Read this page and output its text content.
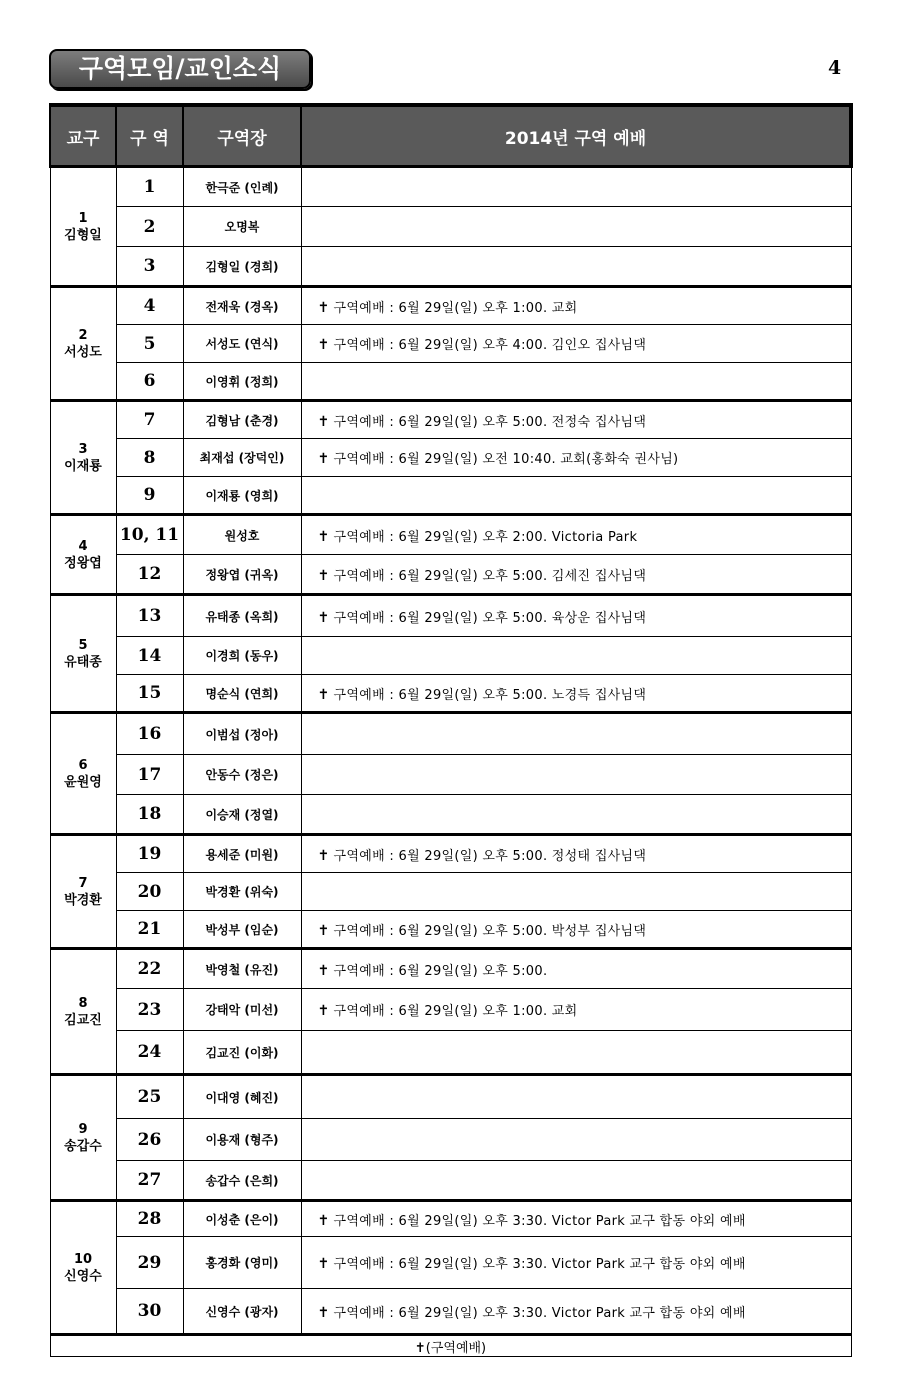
구역모임/교인소식	4
교구	구 역	구역장	2014년 구역 예배

1
김형일	1	한극준 (인례)	
	2	오명복	
	3	김형일 (경희)	

2
서성도	4	전재욱 (경옥)	✝ 구역예배 : 6월 29일(일) 오후 1:00. 교회
	5	서성도 (연식)	✝ 구역예배 : 6월 29일(일) 오후 4:00. 김인오 집사님댁
	6	이영휘 (정희)	

3
이재룡	7	김형남 (춘경)	✝ 구역예배 : 6월 29일(일) 오후 5:00. 전정숙 집사님댁
	8	최재섭 (장덕인)	✝ 구역예배 : 6월 29일(일) 오전 10:40. 교회(홍화숙 권사님)
	9	이재룡 (영희)	

4
정왕엽	10, 11	원성호	✝ 구역예배 : 6월 29일(일) 오후 2:00. Victoria Park
	12	정왕엽 (귀옥)	✝ 구역예배 : 6월 29일(일) 오후 5:00. 김세진 집사님댁

5
유태종	13	유태종 (옥희)	✝ 구역예배 : 6월 29일(일) 오후 5:00. 육상운 집사님댁
	14	이경희 (동우)	
	15	명순식 (연희)	✝ 구역예배 : 6월 29일(일) 오후 5:00. 노경득 집사님댁

6
윤원영	16	이범섭 (정아)	
	17	안동수 (정은)	
	18	이승재 (정열)	

7
박경환	19	용세준 (미원)	✝ 구역예배 : 6월 29일(일) 오후 5:00. 정성태 집사님댁
	20	박경환 (위숙)	
	21	박성부 (임순)	✝ 구역예배 : 6월 29일(일) 오후 5:00. 박성부 집사님댁

8
김교진	22	박영철 (유진)	✝ 구역예배 : 6월 29일(일) 오후 5:00.
	23	강태악 (미선)	✝ 구역예배 : 6월 29일(일) 오후 1:00. 교회
	24	김교진 (이화)	

9
송갑수	25	이대영 (혜진)	
	26	이용재 (형주)	
	27	송갑수 (은희)	

10
신영수	28	이성춘 (은이)	✝ 구역예배 : 6월 29일(일) 오후 3:30. Victor Park 교구 합동 야외 예배
	29	홍경화 (영미)	✝ 구역예배 : 6월 29일(일) 오후 3:30. Victor Park 교구 합동 야외 예배
	30	신영수 (광자)	✝ 구역예배 : 6월 29일(일) 오후 3:30. Victor Park 교구 합동 야외 예배
✝(구역예배)			
